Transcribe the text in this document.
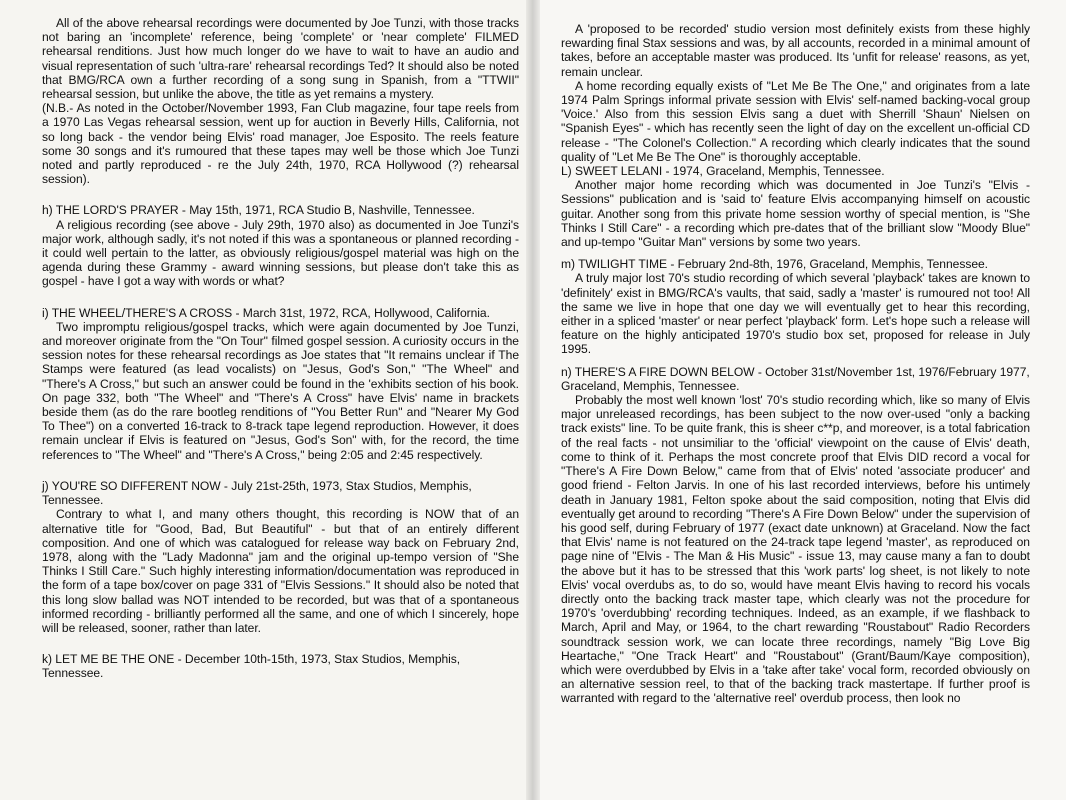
All of the above rehearsal recordings were documented by Joe Tunzi, with those tracks not baring an 'incomplete' reference, being 'complete' or 'near complete' FILMED rehearsal renditions. Just how much longer do we have to wait to have an audio and visual representation of such 'ultra-rare' rehearsal recordings Ted? It should also be noted that BMG/RCA own a further recording of a song sung in Spanish, from a "TTWII" rehearsal session, but unlike the above, the title as yet remains a mystery.

(N.B.- As noted in the October/November 1993, Fan Club magazine, four tape reels from a 1970 Las Vegas rehearsal session, went up for auction in Beverly Hills, California, not so long back - the vendor being Elvis' road manager, Joe Esposito. The reels feature some 30 songs and it's rumoured that these tapes may well be those which Joe Tunzi noted and partly reproduced - re the July 24th, 1970, RCA Hollywood (?) rehearsal session).

h) THE LORD'S PRAYER - May 15th, 1971, RCA Studio B, Nashville, Tennessee.

A religious recording (see above - July 29th, 1970 also) as documented in Joe Tunzi's major work, although sadly, it's not noted if this was a spontaneous or planned recording - it could well pertain to the latter, as obviously religious/gospel material was high on the agenda during these Grammy - award winning sessions, but please don't take this as gospel - have I got a way with words or what?

i) THE WHEEL/THERE'S A CROSS - March 31st, 1972, RCA, Hollywood, California.

Two impromptu religious/gospel tracks, which were again documented by Joe Tunzi, and moreover originate from the "On Tour" filmed gospel session. A curiosity occurs in the session notes for these rehearsal recordings as Joe states that "It remains unclear if The Stamps were featured (as lead vocalists) on "Jesus, God's Son," "The Wheel" and "There's A Cross," but such an answer could be found in the 'exhibits section of his book. On page 332, both "The Wheel" and "There's A Cross" have Elvis' name in brackets beside them (as do the rare bootleg renditions of "You Better Run" and "Nearer My God To Thee") on a converted 16-track to 8-track tape legend reproduction. However, it does remain unclear if Elvis is featured on "Jesus, God's Son" with, for the record, the time references to "The Wheel" and "There's A Cross," being 2:05 and 2:45 respectively.

j) YOU'RE SO DIFFERENT NOW - July 21st-25th, 1973, Stax Studios, Memphis, Tennessee.

Contrary to what I, and many others thought, this recording is NOW that of an alternative title for "Good, Bad, But Beautiful" - but that of an entirely different composition. And one of which was catalogued for release way back on February 2nd, 1978, along with the "Lady Madonna" jam and the original up-tempo version of "She Thinks I Still Care." Such highly interesting information/documentation was reproduced in the form of a tape box/cover on page 331 of "Elvis Sessions." It should also be noted that this long slow ballad was NOT intended to be recorded, but was that of a spontaneous informed recording - brilliantly performed all the same, and one of which I sincerely, hope will be released, sooner, rather than later.

k) LET ME BE THE ONE - December 10th-15th, 1973, Stax Studios, Memphis, Tennessee.

A 'proposed to be recorded' studio version most definitely exists from these highly rewarding final Stax sessions and was, by all accounts, recorded in a minimal amount of takes, before an acceptable master was produced. Its 'unfit for release' reasons, as yet, remain unclear.

A home recording equally exists of "Let Me Be The One," and originates from a late 1974 Palm Springs informal private session with Elvis' self-named backing-vocal group 'Voice.' Also from this session Elvis sang a duet with Sherrill 'Shaun' Nielsen on "Spanish Eyes" - which has recently seen the light of day on the excellent un-official CD release - "The Colonel's Collection." A recording which clearly indicates that the sound quality of "Let Me Be The One" is thoroughly acceptable.

L) SWEET LELANI - 1974, Graceland, Memphis, Tennessee.

Another major home recording which was documented in Joe Tunzi's "Elvis - Sessions" publication and is 'said to' feature Elvis accompanying himself on acoustic guitar. Another song from this private home session worthy of special mention, is "She Thinks I Still Care" - a recording which pre-dates that of the brilliant slow "Moody Blue" and up-tempo "Guitar Man" versions by some two years.

m) TWILIGHT TIME - February 2nd-8th, 1976, Graceland, Memphis, Tennessee.

A truly major lost 70's studio recording of which several 'playback' takes are known to 'definitely' exist in BMG/RCA's vaults, that said, sadly a 'master' is rumoured not too! All the same we live in hope that one day we will eventually get to hear this recording, either in a spliced 'master' or near perfect 'playback' form. Let's hope such a release will feature on the highly anticipated 1970's studio box set, proposed for release in July 1995.

n) THERE'S A FIRE DOWN BELOW - October 31st/November 1st, 1976/February 1977, Graceland, Memphis, Tennessee.

Probably the most well known 'lost' 70's studio recording which, like so many of Elvis major unreleased recordings, has been subject to the now over-used "only a backing track exists" line. To be quite frank, this is sheer c**p, and moreover, is a total fabrication of the real facts - not unsimiliar to the 'official' viewpoint on the cause of Elvis' death, come to think of it. Perhaps the most concrete proof that Elvis DID record a vocal for "There's A Fire Down Below," came from that of Elvis' noted 'associate producer' and good friend - Felton Jarvis. In one of his last recorded interviews, before his untimely death in January 1981, Felton spoke about the said composition, noting that Elvis did eventually get around to recording "There's A Fire Down Below" under the supervision of his good self, during February of 1977 (exact date unknown) at Graceland. Now the fact that Elvis' name is not featured on the 24-track tape legend 'master', as reproduced on page nine of "Elvis - The Man & His Music" - issue 13, may cause many a fan to doubt the above but it has to be stressed that this 'work parts' log sheet, is not likely to note Elvis' vocal overdubs as, to do so, would have meant Elvis having to record his vocals directly onto the backing track master tape, which clearly was not the procedure for 1970's 'overdubbing' recording techniques. Indeed, as an example, if we flashback to March, April and May, or 1964, to the chart rewarding "Roustabout" Radio Recorders soundtrack session work, we can locate three recordings, namely "Big Love Big Heartache," "One Track Heart" and "Roustabout" (Grant/Baum/Kaye composition), which were overdubbed by Elvis in a 'take after take' vocal form, recorded obviously on an alternative session reel, to that of the backing track mastertape. If further proof is warranted with regard to the 'alternative reel' overdub process, then look no
